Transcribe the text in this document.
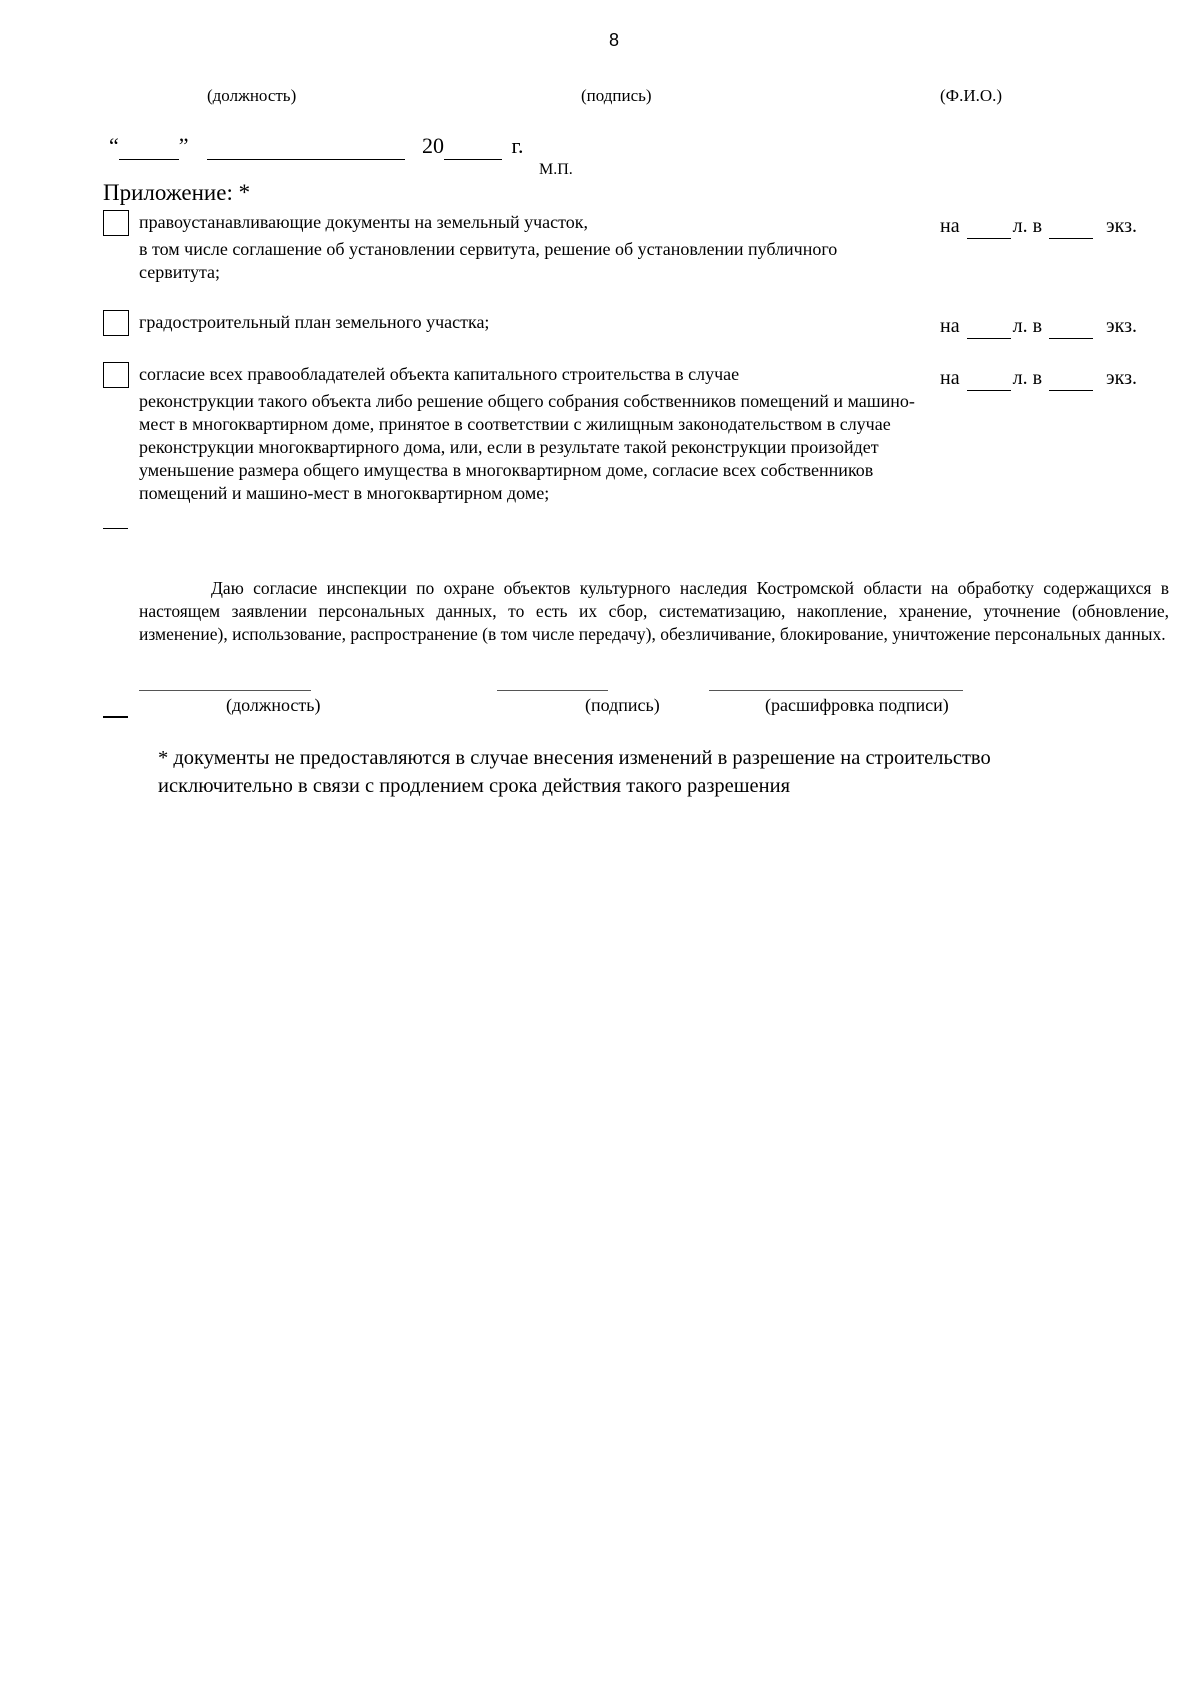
8
(должность)	(подпись)	(Ф.И.О.)
“	”
	20	г.
М.П.
Приложение: *
правоустанавливающие документы на земельный участок,
в том числе соглашение об установлении сервитута, решение об установлении публичного сервитута;
на	л. в	экз.
градостроительный план земельного участка;	на	л. в	экз.
согласие всех правообладателей объекта капитального строительства в случае
реконструкции такого объекта либо решение общего собрания собственников помещений и машино-мест в многоквартирном доме, принятое в соответствии с жилищным законодательством в случае реконструкции многоквартирного дома, или, если в результате такой реконструкции произойдет уменьшение размера общего имущества в многоквартирном доме, согласие всех собственников помещений и машино-мест в многоквартирном доме;
на	л. в	экз.
Даю согласие инспекции по охране объектов культурного наследия Костромской области на обработку содержащихся в настоящем заявлении персональных данных, то есть их сбор, систематизацию, накопление, хранение, уточнение (обновление, изменение), использование, распространение (в том числе передачу), обезличивание, блокирование, уничтожение персональных данных.
(должность)	(подпись)	(расшифровка подписи)
* документы не предоставляются в случае внесения изменений в разрешение на строительство исключительно в связи с продлением срока действия такого разрешения
